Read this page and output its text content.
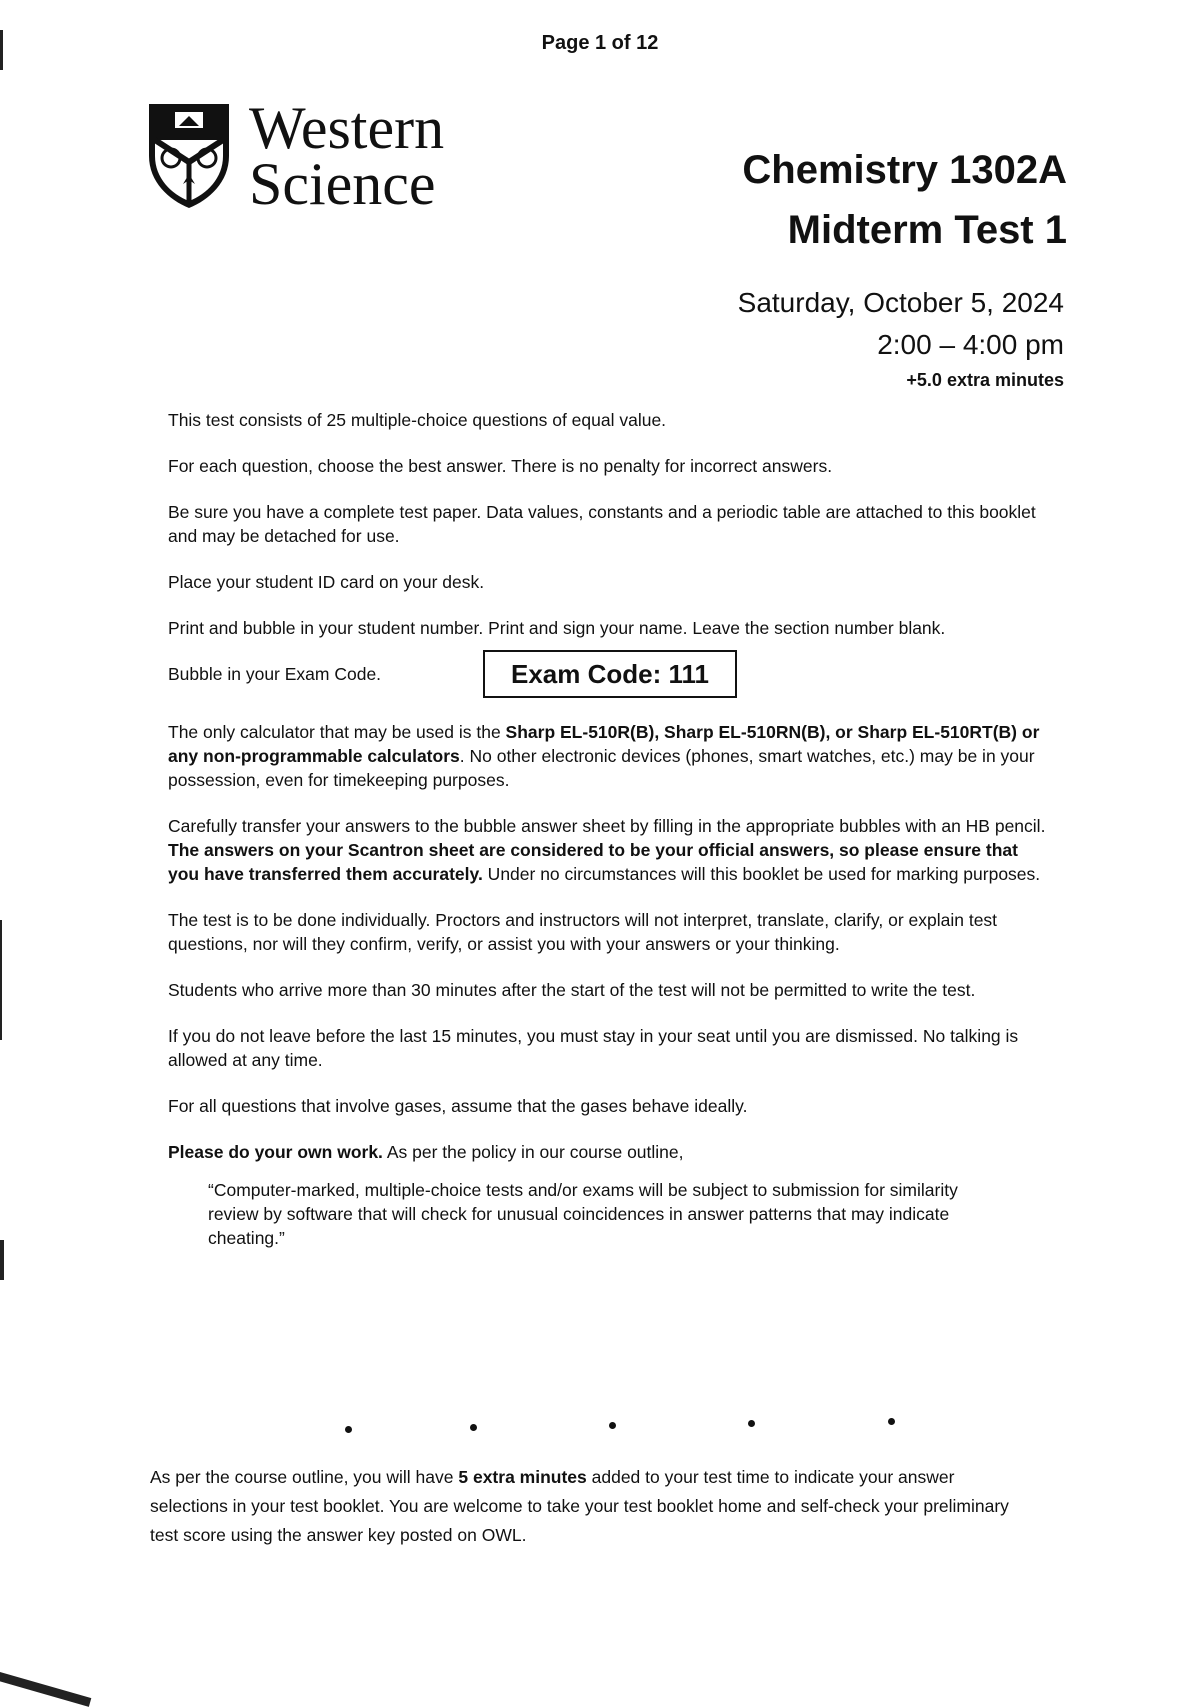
Page 1 of 12
Western
Science	Chemistry 1302A
Midterm Test 1
Saturday, October 5, 2024
2:00 – 4:00 pm
+5.0 extra minutes

This test consists of 25 multiple-choice questions of equal value.

For each question, choose the best answer. There is no penalty for incorrect answers.

Be sure you have a complete test paper. Data values, constants and a periodic table are attached to this booklet and may be detached for use.

Place your student ID card on your desk.

Print and bubble in your student number. Print and sign your name. Leave the section number blank.

Bubble in your Exam Code.	Exam Code: 111

The only calculator that may be used is the Sharp EL-510R(B), Sharp EL-510RN(B), or Sharp EL-510RT(B) or any non-programmable calculators. No other electronic devices (phones, smart watches, etc.) may be in your possession, even for timekeeping purposes.

Carefully transfer your answers to the bubble answer sheet by filling in the appropriate bubbles with an HB pencil. The answers on your Scantron sheet are considered to be your official answers, so please ensure that you have transferred them accurately. Under no circumstances will this booklet be used for marking purposes.

The test is to be done individually. Proctors and instructors will not interpret, translate, clarify, or explain test questions, nor will they confirm, verify, or assist you with your answers or your thinking.

Students who arrive more than 30 minutes after the start of the test will not be permitted to write the test.

If you do not leave before the last 15 minutes, you must stay in your seat until you are dismissed. No talking is allowed at any time.

For all questions that involve gases, assume that the gases behave ideally.

Please do your own work. As per the policy in our course outline,

“Computer-marked, multiple-choice tests and/or exams will be subject to submission for similarity review by software that will check for unusual coincidences in answer patterns that may indicate cheating.”

As per the course outline, you will have 5 extra minutes added to your test time to indicate your answer selections in your test booklet. You are welcome to take your test booklet home and self-check your preliminary test score using the answer key posted on OWL.
